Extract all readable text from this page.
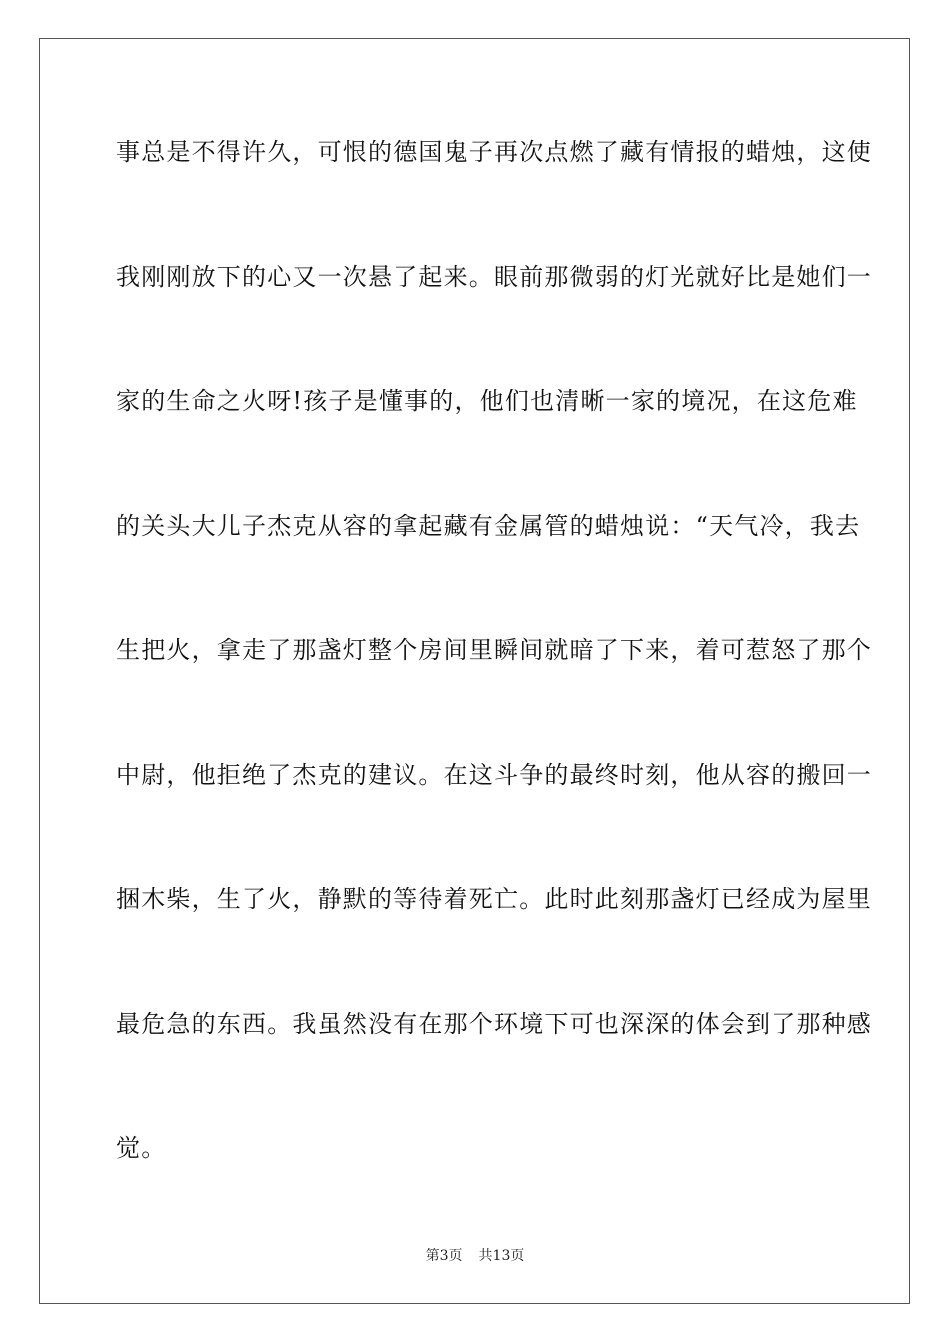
事总是不得许久，可恨的德国鬼子再次点燃了藏有情报的蜡烛，这使
我刚刚放下的心又一次悬了起来。眼前那微弱的灯光就好比是她们一
家的生命之火呀!孩子是懂事的，他们也清晰一家的境况，在这危难
的关头大儿子杰克从容的拿起藏有金属管的蜡烛说：“天气冷，我去
生把火，拿走了那盏灯整个房间里瞬间就暗了下来，着可惹怒了那个
中尉，他拒绝了杰克的建议。在这斗争的最终时刻，他从容的搬回一
捆木柴，生了火，静默的等待着死亡。此时此刻那盏灯已经成为屋里
最危急的东西。我虽然没有在那个环境下可也深深的体会到了那种感
觉。
第3页 共13页
